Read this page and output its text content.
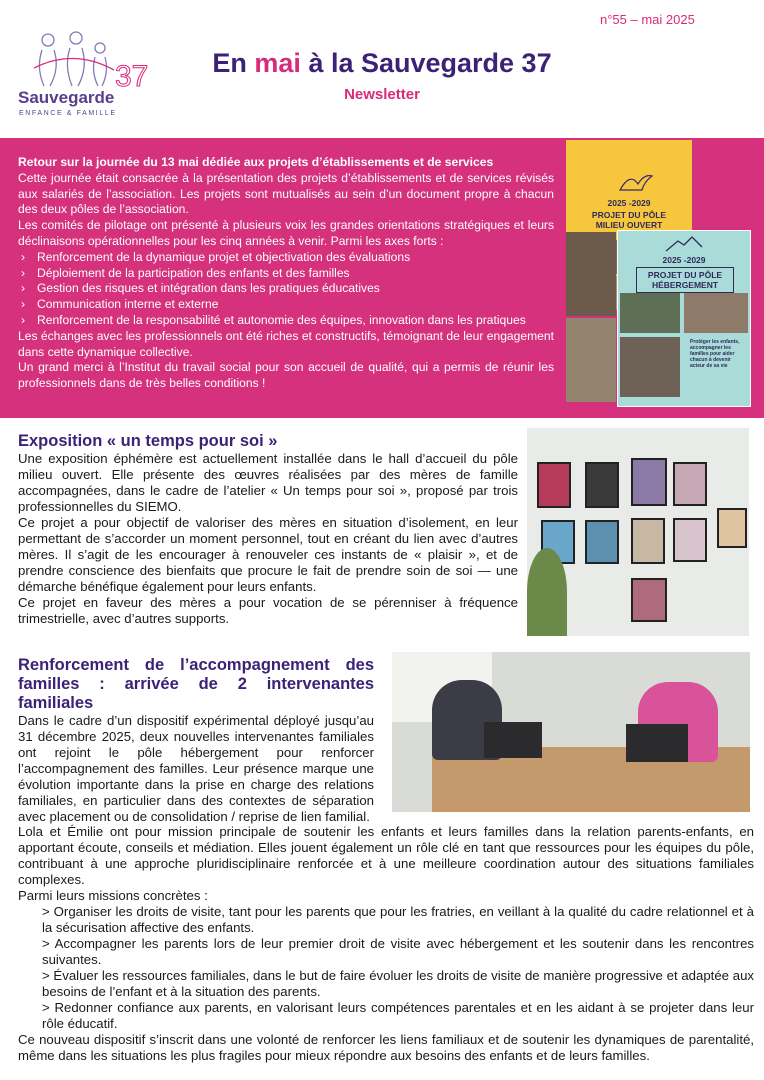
37
Sauvegarde
ENFANCE & FAMILLE
n°55 – mai 2025
En mai à la Sauvegarde 37
Newsletter

Retour sur la journée du 13 mai dédiée aux projets d’établissements et de services

Cette journée était consacrée à la présentation des projets d’établissements et de services révisés aux salariés de l’association. Les projets sont mutualisés au sein d’un document propre à chacun des deux pôles de l’association.

Les comités de pilotage ont présenté à plusieurs voix les grandes orientations stratégiques et leurs déclinaisons opérationnelles pour les cinq années à venir. Parmi les axes forts :

› Renforcement de la dynamique projet et objectivation des évaluations
› Déploiement de la participation des enfants et des familles
› Gestion des risques et intégration dans les pratiques éducatives
› Communication interne et externe
› Renforcement de la responsabilité et autonomie des équipes, innovation dans les pratiques

Les échanges avec les professionnels ont été riches et constructifs, témoignant de leur engagement dans cette dynamique collective.

Un grand merci à l’Institut du travail social pour son accueil de qualité, qui a permis de réunir les professionnels dans de très belles conditions !

2025 -2029
PROJET DU PÔLE MILIEU OUVERT
2025 -2029
PROJET DU PÔLE HÉBERGEMENT
Protéger les enfants, accompagner les familles pour aider chacun à devenir acteur de sa vie
Exposition « un temps pour soi »

Une exposition éphémère est actuellement installée dans le hall d’accueil du pôle milieu ouvert. Elle présente des œuvres réalisées par des mères de famille accompagnées, dans le cadre de l’atelier « Un temps pour soi », proposé par trois professionnelles du SIEMO.

Ce projet a pour objectif de valoriser des mères en situation d’isolement, en leur permettant de s’accorder un moment personnel, tout en créant du lien avec d’autres mères. Il s’agit de les encourager à renouveler ces instants de « plaisir », et de prendre conscience des bienfaits que procure le fait de prendre soin de soi — une démarche bénéfique également pour leurs enfants.

Ce projet en faveur des mères a pour vocation de se pérenniser à fréquence trimestrielle, avec d’autres supports.

Renforcement de l’accompagnement des familles : arrivée de 2 intervenantes familiales

Dans le cadre d’un dispositif expérimental déployé jusqu’au 31 décembre 2025, deux nouvelles intervenantes familiales ont rejoint le pôle hébergement pour renforcer l’accompagnement des familles. Leur présence marque une évolution importante dans la prise en charge des relations familiales, en particulier dans des contextes de séparation avec placement ou de consolidation / reprise de lien familial.

Lola et Émilie ont pour mission principale de soutenir les enfants et leurs familles dans la relation parents-enfants, en apportant écoute, conseils et médiation. Elles jouent également un rôle clé en tant que ressources pour les équipes du pôle, contribuant à une approche pluridisciplinaire renforcée et à une meilleure coordination autour des situations familiales complexes.

Parmi leurs missions concrètes :

> Organiser les droits de visite, tant pour les parents que pour les fratries, en veillant à la qualité du cadre relationnel et à la sécurisation affective des enfants.

> Accompagner les parents lors de leur premier droit de visite avec hébergement et les soutenir dans les rencontres suivantes.

> Évaluer les ressources familiales, dans le but de faire évoluer les droits de visite de manière progressive et adaptée aux besoins de l’enfant et à la situation des parents.

> Redonner confiance aux parents, en valorisant leurs compétences parentales et en les aidant à se projeter dans leur rôle éducatif.

Ce nouveau dispositif s’inscrit dans une volonté de renforcer les liens familiaux et de soutenir les dynamiques de parentalité, même dans les situations les plus fragiles pour mieux répondre aux besoins des enfants et de leurs familles.
